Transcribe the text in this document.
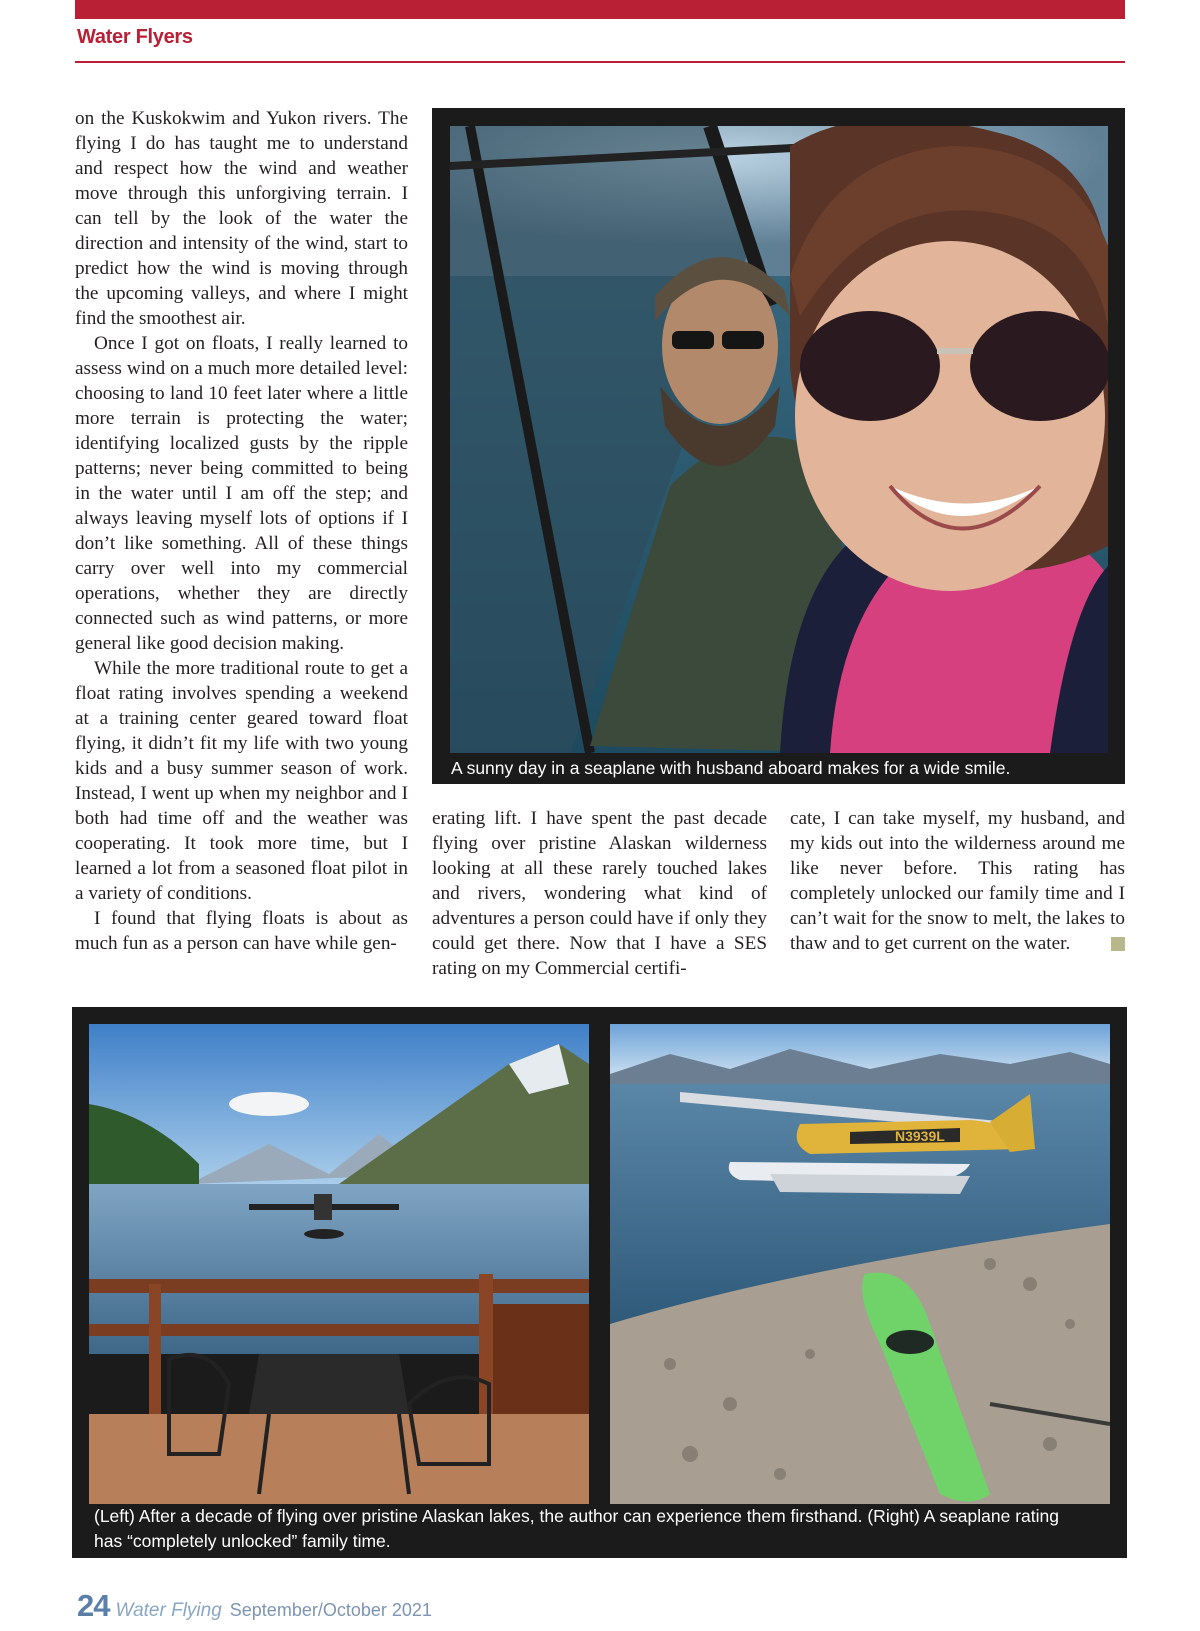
Water Flyers

on the Kuskokwim and Yukon rivers. The flying I do has taught me to understand and respect how the wind and weather move through this unforgiving terrain. I can tell by the look of the water the direction and intensity of the wind, start to predict how the wind is moving through the upcoming valleys, and where I might find the smoothest air.

Once I got on floats, I really learned to assess wind on a much more detailed level: choosing to land 10 feet later where a little more terrain is protecting the water; identifying localized gusts by the ripple patterns; never being committed to being in the water until I am off the step; and always leaving myself lots of options if I don’t like something. All of these things carry over well into my commercial operations, whether they are directly connected such as wind patterns, or more general like good decision making.

While the more traditional route to get a float rating involves spending a weekend at a training center geared toward float flying, it didn’t fit my life with two young kids and a busy summer season of work. Instead, I went up when my neighbor and I both had time off and the weather was cooperating. It took more time, but I learned a lot from a seasoned float pilot in a variety of conditions.

I found that flying floats is about as much fun as a person can have while gen-

A sunny day in a seaplane with husband aboard makes for a wide smile.

erating lift. I have spent the past decade flying over pristine Alaskan wilderness looking at all these rarely touched lakes and rivers, wondering what kind of adventures a person could have if only they could get there. Now that I have a SES rating on my Commercial certifi-

cate, I can take myself, my husband, and my kids out into the wilderness around me like never before. This rating has completely unlocked our family time and I can’t wait for the snow to melt, the lakes to thaw and to get current on the water.

N3939L
(Left) After a decade of flying over pristine Alaskan lakes, the author can experience them firsthand. (Right) A seaplane rating
has “completely unlocked” family time.
24 Water Flying September/October 2021
